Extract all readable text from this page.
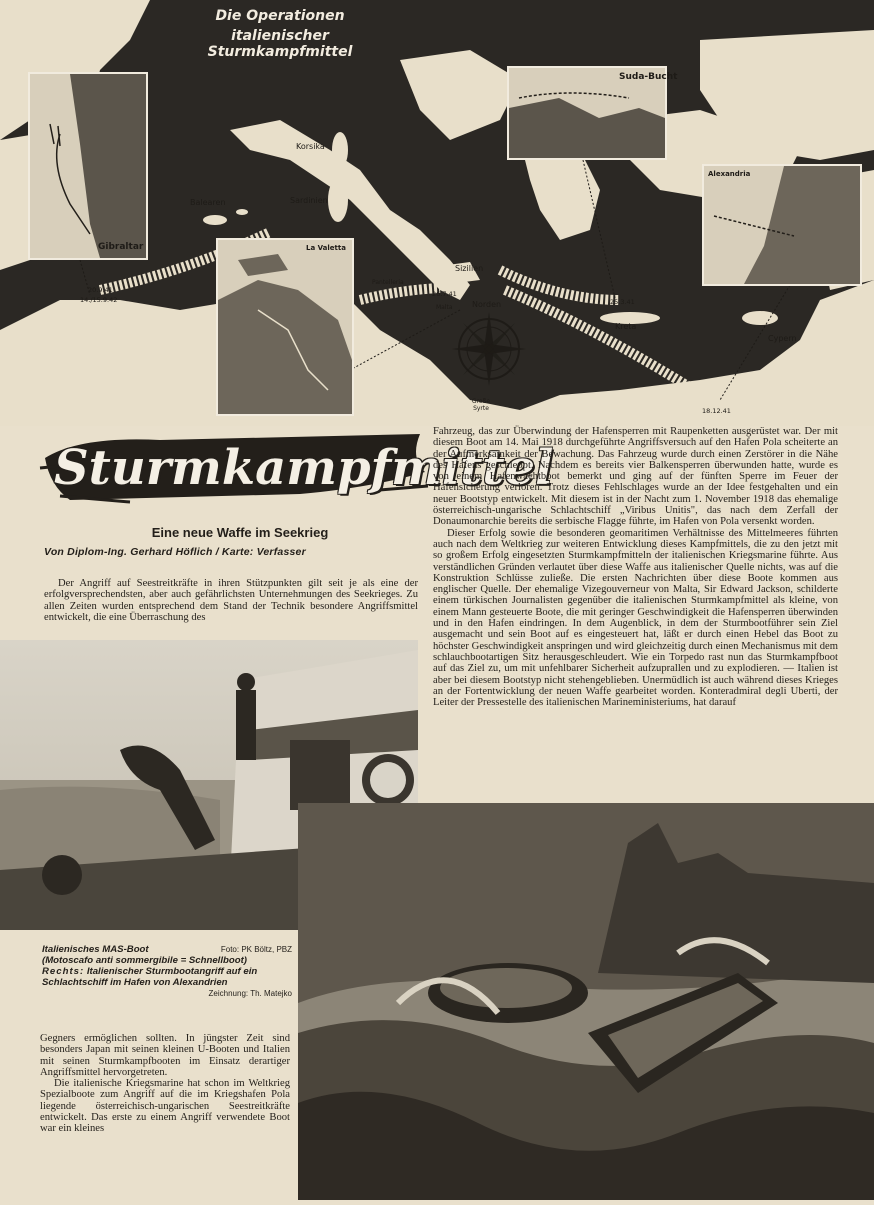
Die Operationen
italienischer Sturmkampfmittel
Gibraltar	La Valetta
Suda-Bucht
Alexandria
Norden
Korsika
Sardinien
Balearen
Sizilien
Pantelleria
Malta
Kreta
Cypern
Große Syrte
20.9.41
14./15.9.42
26.7.41
25.3.41
18.12.41
Sturmkampfmittel
Eine neue Waffe im Seekrieg
Von Diplom-Ing. Gerhard Höflich / Karte: Verfasser

Der Angriff auf Seestreitkräfte in ihren Stützpunkten gilt seit je als eine der erfolgversprechendsten, aber auch gefährlichsten Unternehmungen des Seekrieges. Zu allen Zeiten wurden entsprechend dem Stand der Technik besondere Angriffsmittel entwickelt, die eine Überraschung des

Fahrzeug, das zur Überwindung der Hafensperren mit Raupenketten ausgerüstet war. Der mit diesem Boot am 14. Mai 1918 durchgeführte Angriffsversuch auf den Hafen Pola scheiterte an der Aufmerksamkeit der Bewachung. Das Fahrzeug wurde durch einen Zerstörer in die Nähe des Hafens geschleppt. Nachdem es bereits vier Balkensperren überwunden hatte, wurde es von einem Hafenwachtboot bemerkt und ging auf der fünften Sperre im Feuer der Hafensicherung verloren. Trotz dieses Fehlschlages wurde an der Idee festgehalten und ein neuer Bootstyp entwickelt. Mit diesem ist in der Nacht zum 1. November 1918 das ehemalige österreichisch-ungarische Schlachtschiff „Viribus Unitis", das nach dem Zerfall der Donaumonarchie bereits die serbische Flagge führte, im Hafen von Pola versenkt worden.

Dieser Erfolg sowie die besonderen geomaritimen Verhältnisse des Mittelmeeres führten auch nach dem Weltkrieg zur weiteren Entwicklung dieses Kampfmittels, die zu den jetzt mit so großem Erfolg eingesetzten Sturmkampfmitteln der italienischen Kriegsmarine führte. Aus verständlichen Gründen verlautet über diese Waffe aus italienischer Quelle nichts, was auf die Konstruktion Schlüsse zuließe. Die ersten Nachrichten über diese Boote kommen aus englischer Quelle. Der ehemalige Vizegouverneur von Malta, Sir Edward Jackson, schilderte einem türkischen Journalisten gegenüber die italienischen Sturmkampfmittel als kleine, von einem Mann gesteuerte Boote, die mit geringer Geschwindigkeit die Hafensperren überwinden und in den Hafen eindringen. In dem Augenblick, in dem der Sturmbootführer sein Ziel ausgemacht und sein Boot auf es eingesteuert hat, läßt er durch einen Hebel das Boot zu höchster Geschwindigkeit anspringen und wird gleichzeitig durch einen Mechanismus mit dem schlauchbootartigen Sitz herausgeschleudert. Wie ein Torpedo rast nun das Sturmkampfboot auf das Ziel zu, um mit unfehlbarer Sicherheit aufzuprallen und zu explodieren. — Italien ist aber bei diesem Bootstyp nicht stehengeblieben. Unermüdlich ist auch während dieses Krieges an der Fortentwicklung der neuen Waffe gearbeitet worden. Konteradmiral degli Uberti, der Leiter der Pressestelle des italienischen Marineministeriums, hat darauf

Italienisches MAS-Boot	Foto: PK Böltz, PBZ
(Motoscafo anti sommergibile = Schnellboot)
Rechts: Italienischer Sturmbootangriff auf ein Schlachtschiff im Hafen von Alexandrien
Zeichnung: Th. Matejko

Gegners ermöglichen sollten. In jüngster Zeit sind besonders Japan mit seinen kleinen U-Booten und Italien mit seinen Sturmkampfbooten im Einsatz derartiger Angriffsmittel hervorgetreten.

Die italienische Kriegsmarine hat schon im Weltkrieg Spezialboote zum Angriff auf die im Kriegshafen Pola liegende österreichisch-ungarischen Seestreitkräfte entwickelt. Das erste zu einem Angriff verwendete Boot war ein kleines
